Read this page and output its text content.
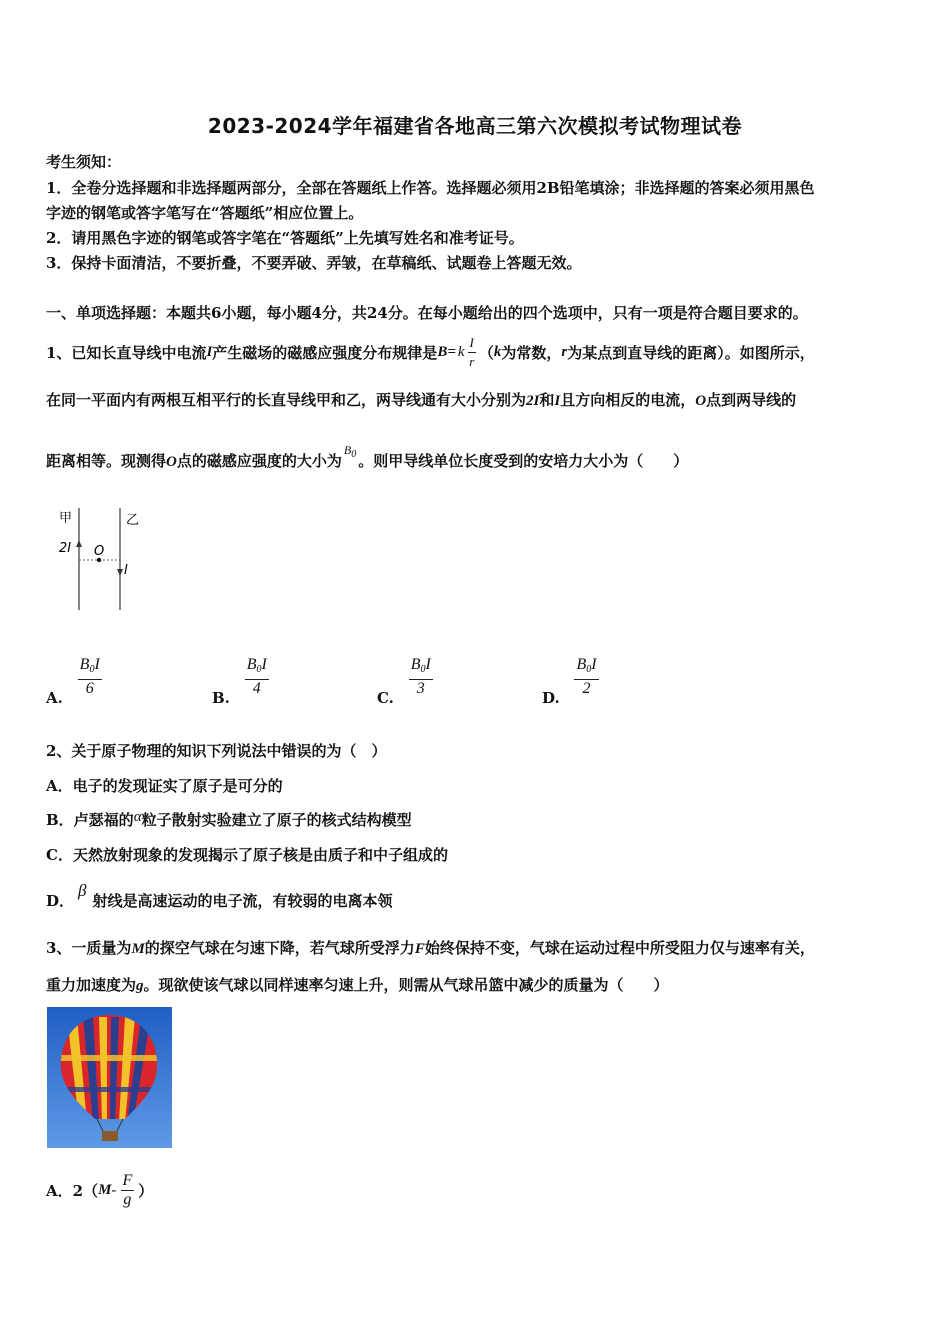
2023-2024学年福建省各地高三第六次模拟考试物理试卷
考生须知：
1．全卷分选择题和非选择题两部分，全部在答题纸上作答。选择题必须用2B铅笔填涂；非选择题的答案必须用黑色
字迹的钢笔或答字笔写在“答题纸”相应位置上。
2．请用黑色字迹的钢笔或答字笔在“答题纸”上先填写姓名和准考证号。
3．保持卡面清洁，不要折叠，不要弄破、弄皱，在草稿纸、试题卷上答题无效。
一、单项选择题：本题共6小题，每小题4分，共24分。在每小题给出的四个选项中，只有一项是符合题目要求的。
1、已知长直导线中电流 I 产生磁场的磁感应强度分布规律是 B= k $\frac{I}{r}$ （ k 为常数， r 为某点到直导线的距离）。如图所示，
在同一平面内有两根互相平行的长直导线甲和乙，两导线通有大小分别为2I和I且方向相反的电流，O点到两导线的
距离相等。现测得O点的磁感应强度的大小为$^{B_0}$ 。则甲导线单位长度受到的安培力大小为（　　）
甲	乙
2I O
I
A. $\frac{B_0I}{6}$	B. $\frac{B_0I}{4}$	C. $\frac{B_0I}{3}$	D. $\frac{B_0I}{2}$
2、关于原子物理的知识下列说法中错误的为（　）
A．电子的发现证实了原子是可分的
B．卢瑟福的α粒子散射实验建立了原子的核式结构模型
C．天然放射现象的发现揭示了原子核是由质子和中子组成的
D．β射线是高速运动的电子流，有较弱的电离本领
3、一质量为M的探空气球在匀速下降，若气球所受浮力F始终保持不变，气球在运动过程中所受阻力仅与速率有关，
重力加速度为g。现欲使该气球以同样速率匀速上升，则需从气球吊篮中减少的质量为（　　）
A．2（ M - $\frac{F}{g}$ ）
